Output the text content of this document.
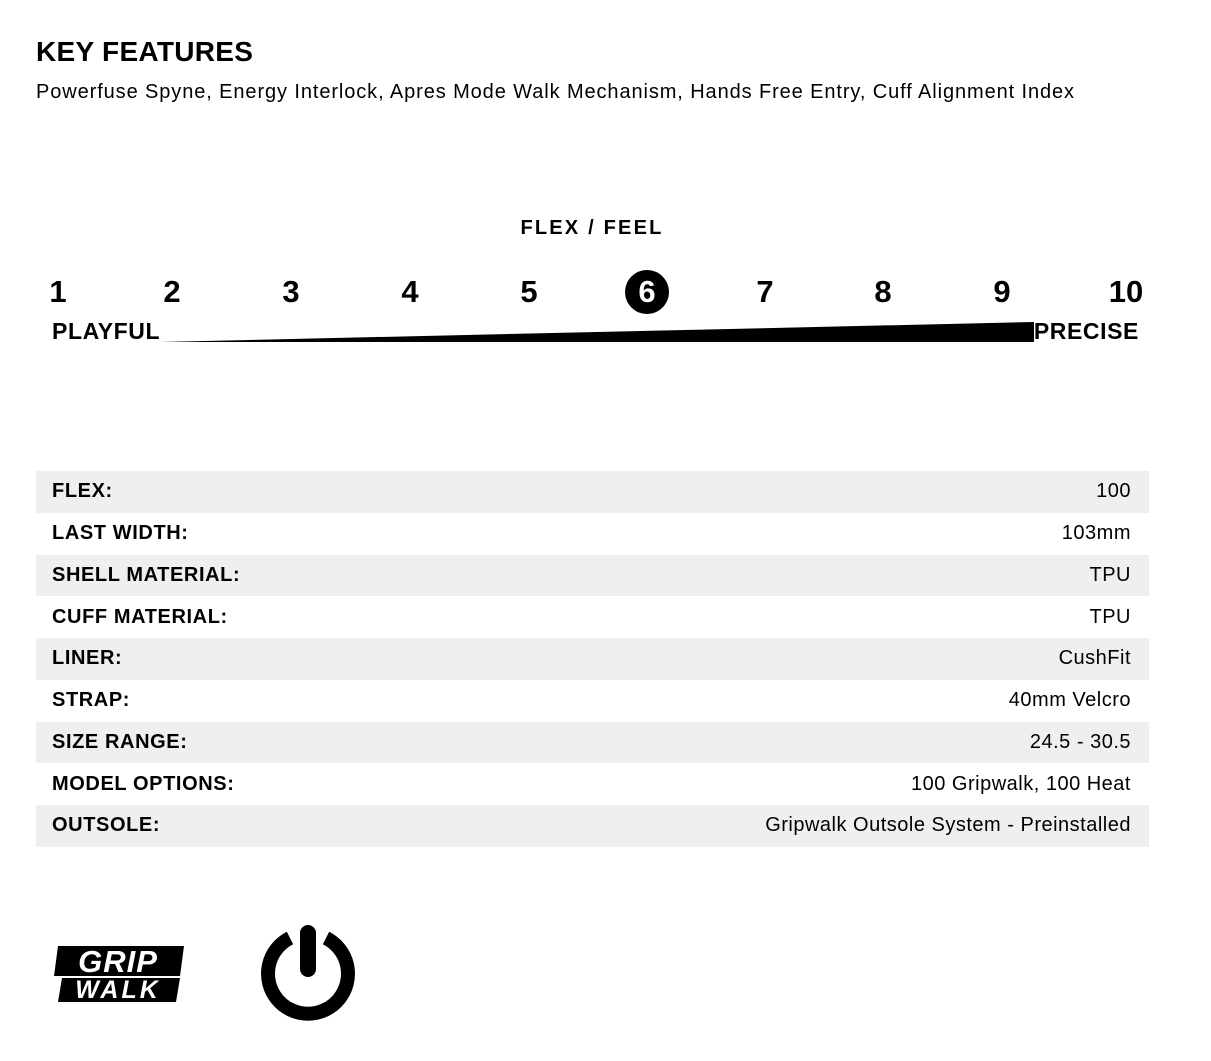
KEY FEATURES
Powerfuse Spyne, Energy Interlock, Apres Mode Walk Mechanism, Hands Free Entry, Cuff Alignment Index
FLEX / FEEL
1	2	3	4	5	6	7	8	9	10
PLAYFUL	PRECISE
FLEX:	100
LAST WIDTH:	103mm
SHELL MATERIAL:	TPU
CUFF MATERIAL:	TPU
LINER:	CushFit
STRAP:	40mm Velcro
SIZE RANGE:	24.5 - 30.5
MODEL OPTIONS:	100 Gripwalk, 100 Heat
OUTSOLE:	Gripwalk Outsole System - Preinstalled
GRIP
WALK
